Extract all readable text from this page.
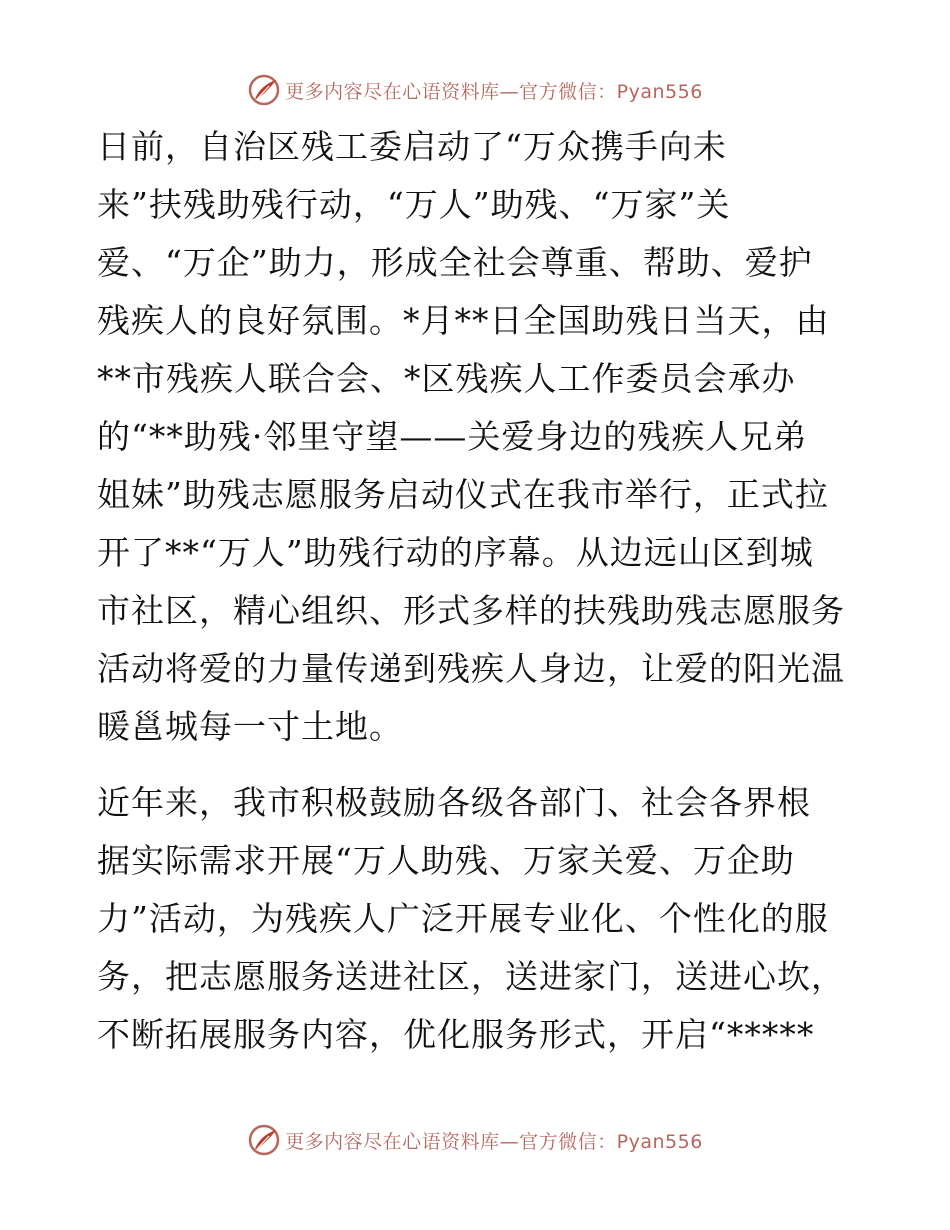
更多内容尽在心语资料库—官方微信：Pyan556
日前，自治区残工委启动了“万众携手向未
来”扶残助残行动，“万人”助残、“万家”关
爱、“万企”助力，形成全社会尊重、帮助、爱护
残疾人的良好氛围。*月**日全国助残日当天，由
**市残疾人联合会、*区残疾人工作委员会承办
的“**助残·邻里守望——关爱身边的残疾人兄弟
姐妹”助残志愿服务启动仪式在我市举行，正式拉
开了**“万人”助残行动的序幕。从边远山区到城
市社区，精心组织、形式多样的扶残助残志愿服务
活动将爱的力量传递到残疾人身边，让爱的阳光温
暖邕城每一寸土地。
近年来，我市积极鼓励各级各部门、社会各界根
据实际需求开展“万人助残、万家关爱、万企助
力”活动，为残疾人广泛开展专业化、个性化的服
务，把志愿服务送进社区，送进家门，送进心坎，
不断拓展服务内容，优化服务形式，开启“*****
更多内容尽在心语资料库—官方微信：Pyan556
